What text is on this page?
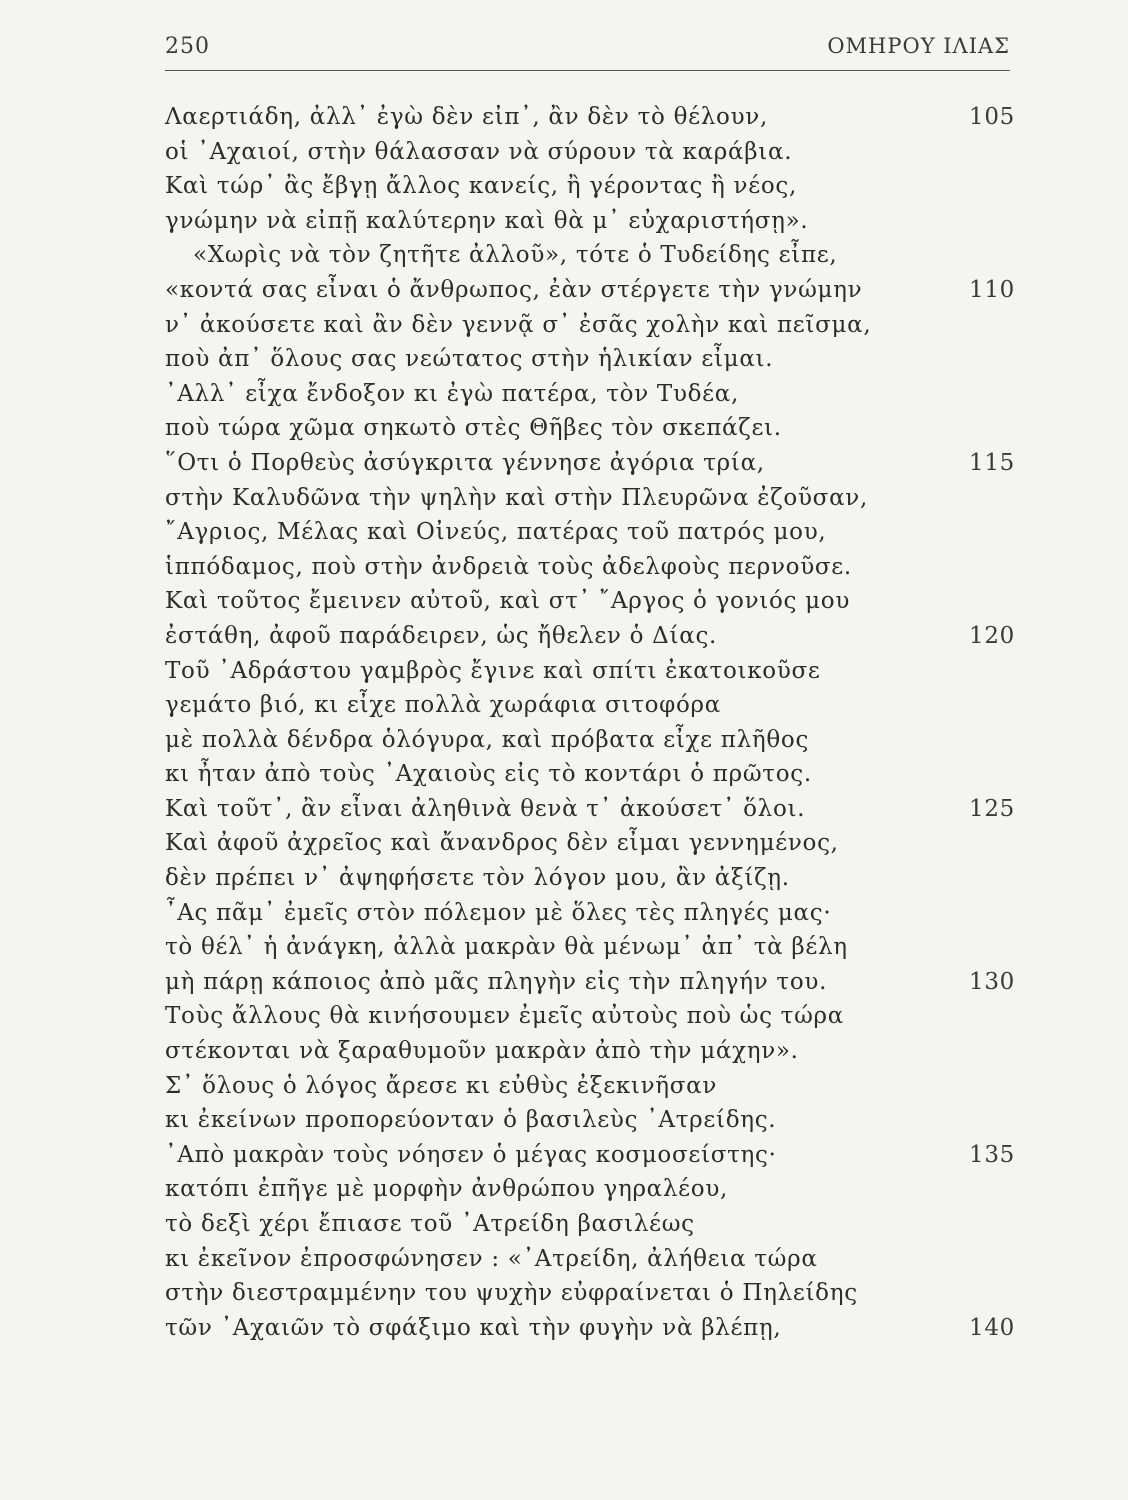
250	ΟΜΗΡΟΥ ΙΛΙΑΣ
Λαερτιάδη, ἀλλ᾽ ἐγὼ δὲν εἰπ᾽, ἂν δὲν τὸ θέλουν,	105
οἱ ᾽Αχαιοί, στὴν θάλασσαν νὰ σύρουν τὰ καράβια.
Καὶ τώρ᾽ ἂς ἔβγῃ ἄλλος κανείς, ἢ γέροντας ἢ νέος,
γνώμην νὰ εἰπῇ καλύτερην καὶ θὰ μ᾽ εὐχαριστήσῃ».
«Χωρὶς νὰ τὸν ζητῆτε ἀλλοῦ», τότε ὁ Τυδείδης εἶπε,
«κοντά σας εἶναι ὁ ἄνθρωπος, ἐὰν στέργετε τὴν γνώμην	110
ν᾽ ἀκούσετε καὶ ἂν δὲν γεννᾷ σ᾽ ἐσᾶς χολὴν καὶ πεῖσμα,
ποὺ ἀπ᾽ ὅλους σας νεώτατος στὴν ἡλικίαν εἶμαι.
᾽Αλλ᾽ εἶχα ἔνδοξον κι ἐγὼ πατέρα, τὸν Τυδέα,
ποὺ τώρα χῶμα σηκωτὸ στὲς Θῆβες τὸν σκεπάζει.
῞Οτι ὁ Πορθεὺς ἀσύγκριτα γέννησε ἀγόρια τρία,	115
στὴν Καλυδῶνα τὴν ψηλὴν καὶ στὴν Πλευρῶνα ἐζοῦσαν,
῎Αγριος, Μέλας καὶ Οἰνεύς, πατέρας τοῦ πατρός μου,
ἱππόδαμος, ποὺ στὴν ἀνδρειὰ τοὺς ἀδελφοὺς περνοῦσε.
Καὶ τοῦτος ἔμεινεν αὐτοῦ, καὶ στ᾽ ῎Αργος ὁ γονιός μου
ἐστάθη, ἀφοῦ παράδειρεν, ὡς ἤθελεν ὁ Δίας.	120
Τοῦ ᾽Αδράστου γαμβρὸς ἔγινε καὶ σπίτι ἐκατοικοῦσε
γεμάτο βιό, κι εἶχε πολλὰ χωράφια σιτοφόρα
μὲ πολλὰ δένδρα ὁλόγυρα, καὶ πρόβατα εἶχε πλῆθος
κι ἦταν ἀπὸ τοὺς ᾽Αχαιοὺς εἰς τὸ κοντάρι ὁ πρῶτος.
Καὶ τοῦτ᾽, ἂν εἶναι ἀληθινὰ θενὰ τ᾽ ἀκούσετ᾽ ὅλοι.	125
Καὶ ἀφοῦ ἀχρεῖος καὶ ἄνανδρος δὲν εἶμαι γεννημένος,
δὲν πρέπει ν᾽ ἀψηφήσετε τὸν λόγον μου, ἂν ἀξίζῃ.
῏Ας πᾶμ᾽ ἐμεῖς στὸν πόλεμον μὲ ὅλες τὲς πληγές μας·
τὸ θέλ᾽ ἡ ἀνάγκη, ἀλλὰ μακρὰν θὰ μένωμ᾽ ἀπ᾽ τὰ βέλη
μὴ πάρῃ κάποιος ἀπὸ μᾶς πληγὴν εἰς τὴν πληγήν του.	130
Τοὺς ἄλλους θὰ κινήσουμεν ἐμεῖς αὐτοὺς ποὺ ὡς τώρα
στέκονται νὰ ξαραθυμοῦν μακρὰν ἀπὸ τὴν μάχην».
Σ᾽ ὅλους ὁ λόγος ἄρεσε κι εὐθὺς ἐξεκινῆσαν
κι ἐκείνων προπορεύονταν ὁ βασιλεὺς ᾽Ατρείδης.
᾽Απὸ μακρὰν τοὺς νόησεν ὁ μέγας κοσμοσείστης·	135
κατόπι ἐπῆγε μὲ μορφὴν ἀνθρώπου γηραλέου,
τὸ δεξὶ χέρι ἔπιασε τοῦ ᾽Ατρείδη βασιλέως
κι ἐκεῖνον ἐπροσφώνησεν : «᾽Ατρείδη, ἀλήθεια τώρα
στὴν διεστραμμένην του ψυχὴν εὐφραίνεται ὁ Πηλείδης
τῶν ᾽Αχαιῶν τὸ σφάξιμο καὶ τὴν φυγὴν νὰ βλέπῃ,	140
